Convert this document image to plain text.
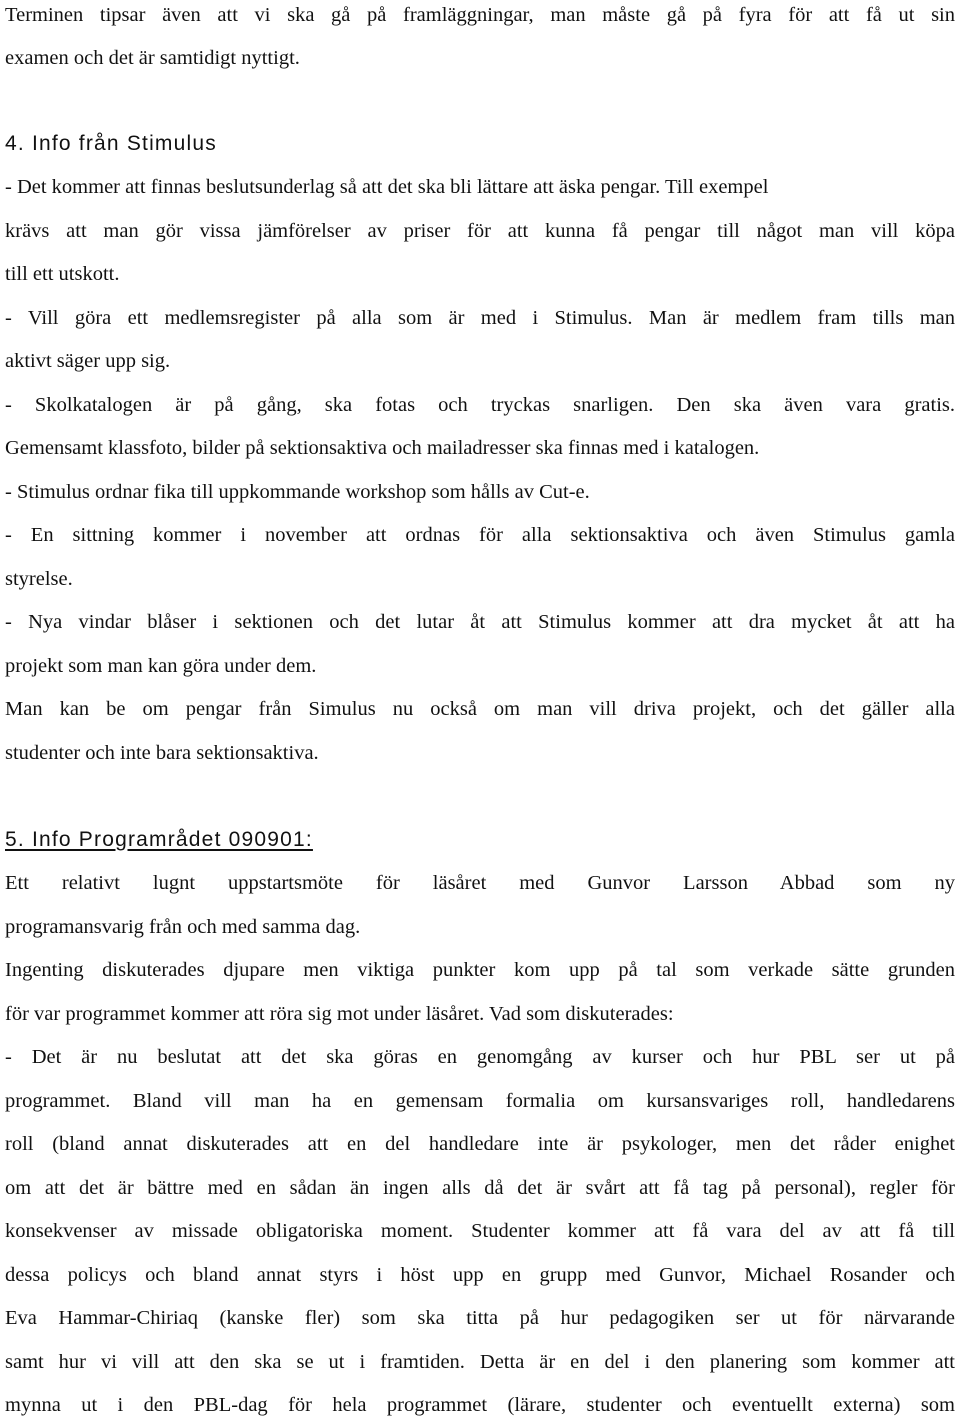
Terminen tipsar även att vi ska gå på framläggningar, man måste gå på fyra för att få ut sin
examen och det är samtidigt nyttigt.
4. Info från Stimulus
- Det kommer att finnas beslutsunderlag så att det ska bli lättare att äska pengar. Till exempel
krävs att man gör vissa jämförelser av priser för att kunna få pengar till något man vill köpa
till ett utskott.
- Vill göra ett medlemsregister på alla som är med i Stimulus. Man är medlem fram tills man
aktivt säger upp sig.
- Skolkatalogen är på gång, ska fotas och tryckas snarligen. Den ska även vara gratis.
Gemensamt klassfoto, bilder på sektionsaktiva och mailadresser ska finnas med i katalogen.
- Stimulus ordnar fika till uppkommande workshop som hålls av Cut-e.
- En sittning kommer i november att ordnas för alla sektionsaktiva och även Stimulus gamla
styrelse.
- Nya vindar blåser i sektionen och det lutar åt att Stimulus kommer att dra mycket åt att ha
projekt som man kan göra under dem.
Man kan be om pengar från Simulus nu också om man vill driva projekt, och det gäller alla
studenter och inte bara sektionsaktiva.
5. Info Programrådet 090901:
Ett relativt lugnt uppstartsmöte för läsåret med Gunvor Larsson Abbad som ny
programansvarig från och med samma dag.
Ingenting diskuterades djupare men viktiga punkter kom upp på tal som verkade sätte grunden
för var programmet kommer att röra sig mot under läsåret. Vad som diskuterades:
- Det är nu beslutat att det ska göras en genomgång av kurser och hur PBL ser ut på
programmet. Bland vill man ha en gemensam formalia om kursansvariges roll, handledarens
roll (bland annat diskuterades att en del handledare inte är psykologer, men det råder enighet
om att det är bättre med en sådan än ingen alls då det är svårt att få tag på personal), regler för
konsekvenser av missade obligatoriska moment. Studenter kommer att få vara del av att få till
dessa policys och bland annat styrs i höst upp en grupp med Gunvor, Michael Rosander och
Eva Hammar-Chiriaq (kanske fler) som ska titta på hur pedagogiken ser ut för närvarande
samt hur vi vill att den ska se ut i framtiden. Detta är en del i den planering som kommer att
mynna ut i den PBL-dag för hela programmet (lärare, studenter och eventuellt externa) som
